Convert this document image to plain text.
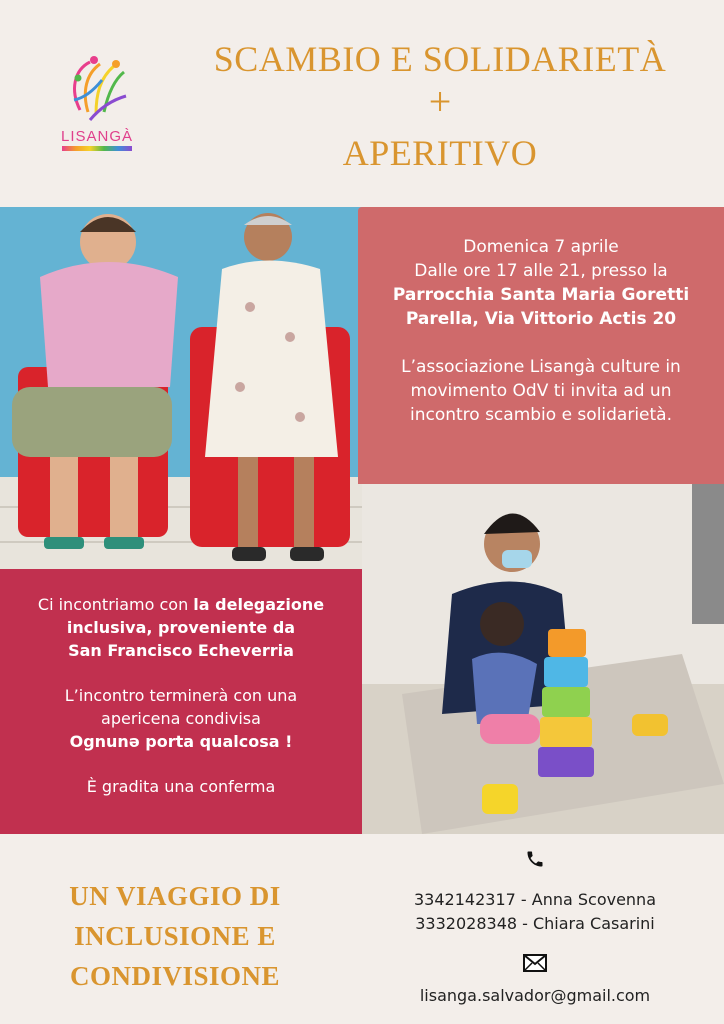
LISANGÀ
SCAMBIO E SOLIDARIETÀ
+
APERITIVO

Domenica 7 aprile

Dalle ore 17 alle 21, presso la

Parrocchia Santa Maria Goretti

Parella, Via Vittorio Actis 20

L’associazione Lisangà culture in

movimento OdV ti invita ad un

incontro scambio e solidarietà.

Ci incontriamo con la delegazione

inclusiva, proveniente da

San Francisco Echeverria

L’incontro terminerà con una

apericena condivisa

Ognunə porta qualcosa !

È gradita una conferma

UN VIAGGIO DI
INCLUSIONE E
CONDIVISIONE

3342142317 - Anna Scovenna

3332028348 - Chiara Casarini

lisanga.salvador@gmail.com
